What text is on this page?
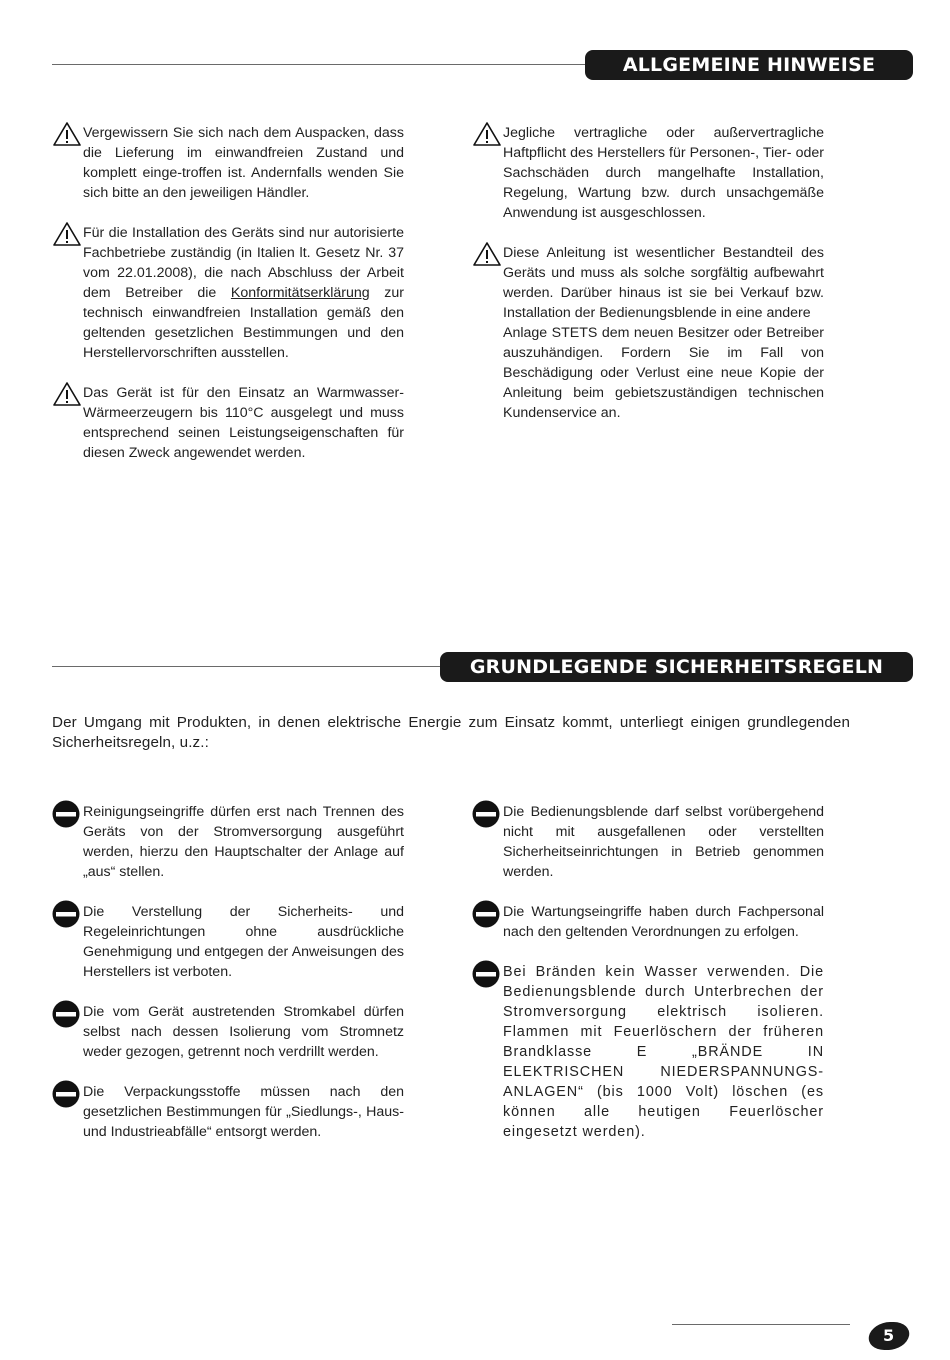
ALLGEMEINE HINWEISE

Vergewissern Sie sich nach dem Auspacken, dass die Lieferung im einwandfreien Zustand und komplett einge-troffen ist. Andernfalls wenden Sie sich bitte an den jeweiligen Händler.

Für die Installation des Geräts sind nur autorisierte Fachbetriebe zuständig (in Italien lt. Gesetz Nr. 37 vom 22.01.2008), die nach Abschluss der Arbeit dem Betreiber die Konformitätserklärung zur technisch einwandfreien Installation gemäß den geltenden gesetzlichen Bestimmungen und den Herstellervorschriften ausstellen.

Das Gerät ist für den Einsatz an Warmwasser-Wärmeerzeugern bis 110°C ausgelegt und muss entsprechend seinen Leistungseigenschaften für diesen Zweck angewendet werden.

Jegliche vertragliche oder außervertragliche Haftpflicht des Herstellers für Personen-, Tier- oder Sachschäden durch mangelhafte Installation, Regelung, Wartung bzw. durch unsachgemäße Anwendung ist ausgeschlossen.

Diese Anleitung ist wesentlicher Bestandteil des Geräts und muss als solche sorgfältig aufbewahrt werden. Darüber hinaus ist sie bei Verkauf bzw. Installation der Bedienungsblende in eine andere

Anlage STETS dem neuen Besitzer oder Betreiber auszuhändigen. Fordern Sie im Fall von Beschädigung oder Verlust eine neue Kopie der Anleitung beim gebietszuständigen technischen Kundenservice an.

GRUNDLEGENDE SICHERHEITSREGELN
Der Umgang mit Produkten, in denen elektrische Energie zum Einsatz kommt, unterliegt einigen grundlegenden Sicherheitsregeln, u.z.:

Reinigungseingriffe dürfen erst nach Trennen des Geräts von der Stromversorgung ausgeführt werden, hierzu den Hauptschalter der Anlage auf „aus“ stellen.

Die Verstellung der Sicherheits- und Regeleinrichtungen ohne ausdrückliche Genehmigung und entgegen der Anweisungen des Herstellers ist verboten.

Die vom Gerät austretenden Stromkabel dürfen selbst nach dessen Isolierung vom Stromnetz weder gezogen, getrennt noch verdrillt werden.

Die Verpackungsstoffe müssen nach den gesetzlichen Bestimmungen für „Siedlungs-, Haus- und Industrieabfälle“ entsorgt werden.

Die Bedienungsblende darf selbst vorübergehend nicht mit ausgefallenen oder verstellten Sicherheitseinrichtungen in Betrieb genommen werden.

Die Wartungseingriffe haben durch Fachpersonal nach den geltenden Verordnungen zu erfolgen.

Bei Bränden kein Wasser verwenden. Die Bedienungsblende durch Unterbrechen der Stromversorgung elektrisch isolieren. Flammen mit Feuerlöschern der früheren Brandklasse E „BRÄNDE IN ELEKTRISCHEN NIEDERSPANNUNGS-ANLAGEN“ (bis 1000 Volt) löschen (es können alle heutigen Feuerlöscher eingesetzt werden).

5
